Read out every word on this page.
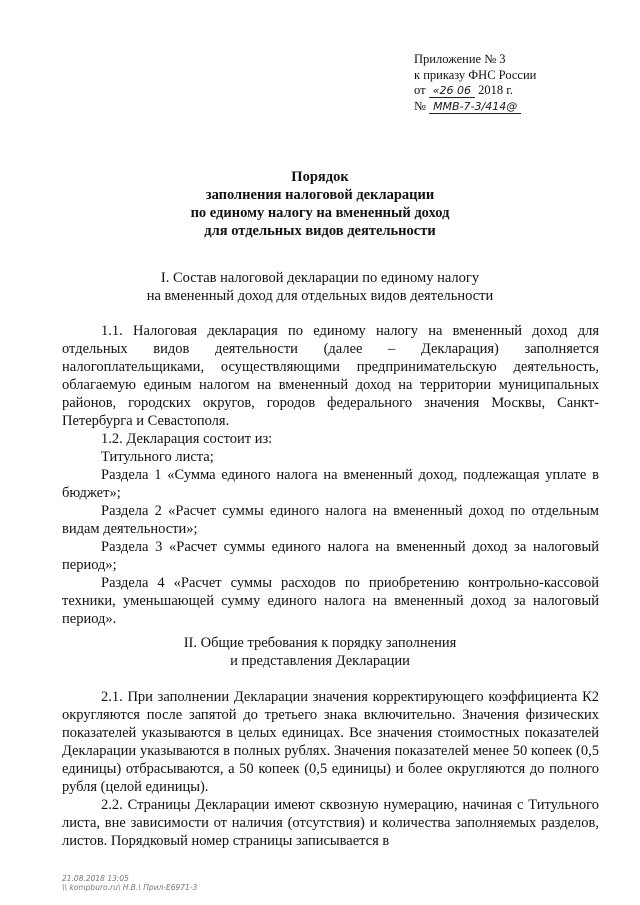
Приложение № 3
к приказу ФНС России
от «26 06 2018 г.
№ ММВ-7-3/414@
Порядок
заполнения налоговой декларации
по единому налогу на вмененный доход
для отдельных видов деятельности
I. Состав налоговой декларации по единому налогу
на вмененный доход для отдельных видов деятельности

1.1. Налоговая декларация по единому налогу на вмененный доход для отдельных видов деятельности (далее – Декларация) заполняется налогоплательщиками, осуществляющими предпринимательскую деятельность, облагаемую единым налогом на вмененный доход на территории муниципальных районов, городских округов, городов федерального значения Москвы, Санкт-Петербурга и Севастополя.

1.2. Декларация состоит из:

Титульного листа;

Раздела 1 «Сумма единого налога на вмененный доход, подлежащая уплате в бюджет»;

Раздела 2 «Расчет суммы единого налога на вмененный доход по отдельным видам деятельности»;

Раздела 3 «Расчет суммы единого налога на вмененный доход за налоговый период»;

Раздела 4 «Расчет суммы расходов по приобретению контрольно-кассовой техники, уменьшающей сумму единого налога на вмененный доход за налоговый период».

II. Общие требования к порядку заполнения
и представления Декларации

2.1. При заполнении Декларации значения корректирующего коэффициента К2 округляются после запятой до третьего знака включительно. Значения физических показателей указываются в целых единицах. Все значения стоимостных показателей Декларации указываются в полных рублях. Значения показателей менее 50 копеек (0,5 единицы) отбрасываются, а 50 копеек (0,5 единицы) и более округляются до полного рубля (целой единицы).

2.2. Страницы Декларации имеют сквозную нумерацию, начиная с Титульного листа, вне зависимости от наличия (отсутствия) и количества заполняемых разделов, листов. Порядковый номер страницы записывается в

21.08.2018 13:05
\\ kompburo.ru\ Н.В.\ Прил-Е6971-3
